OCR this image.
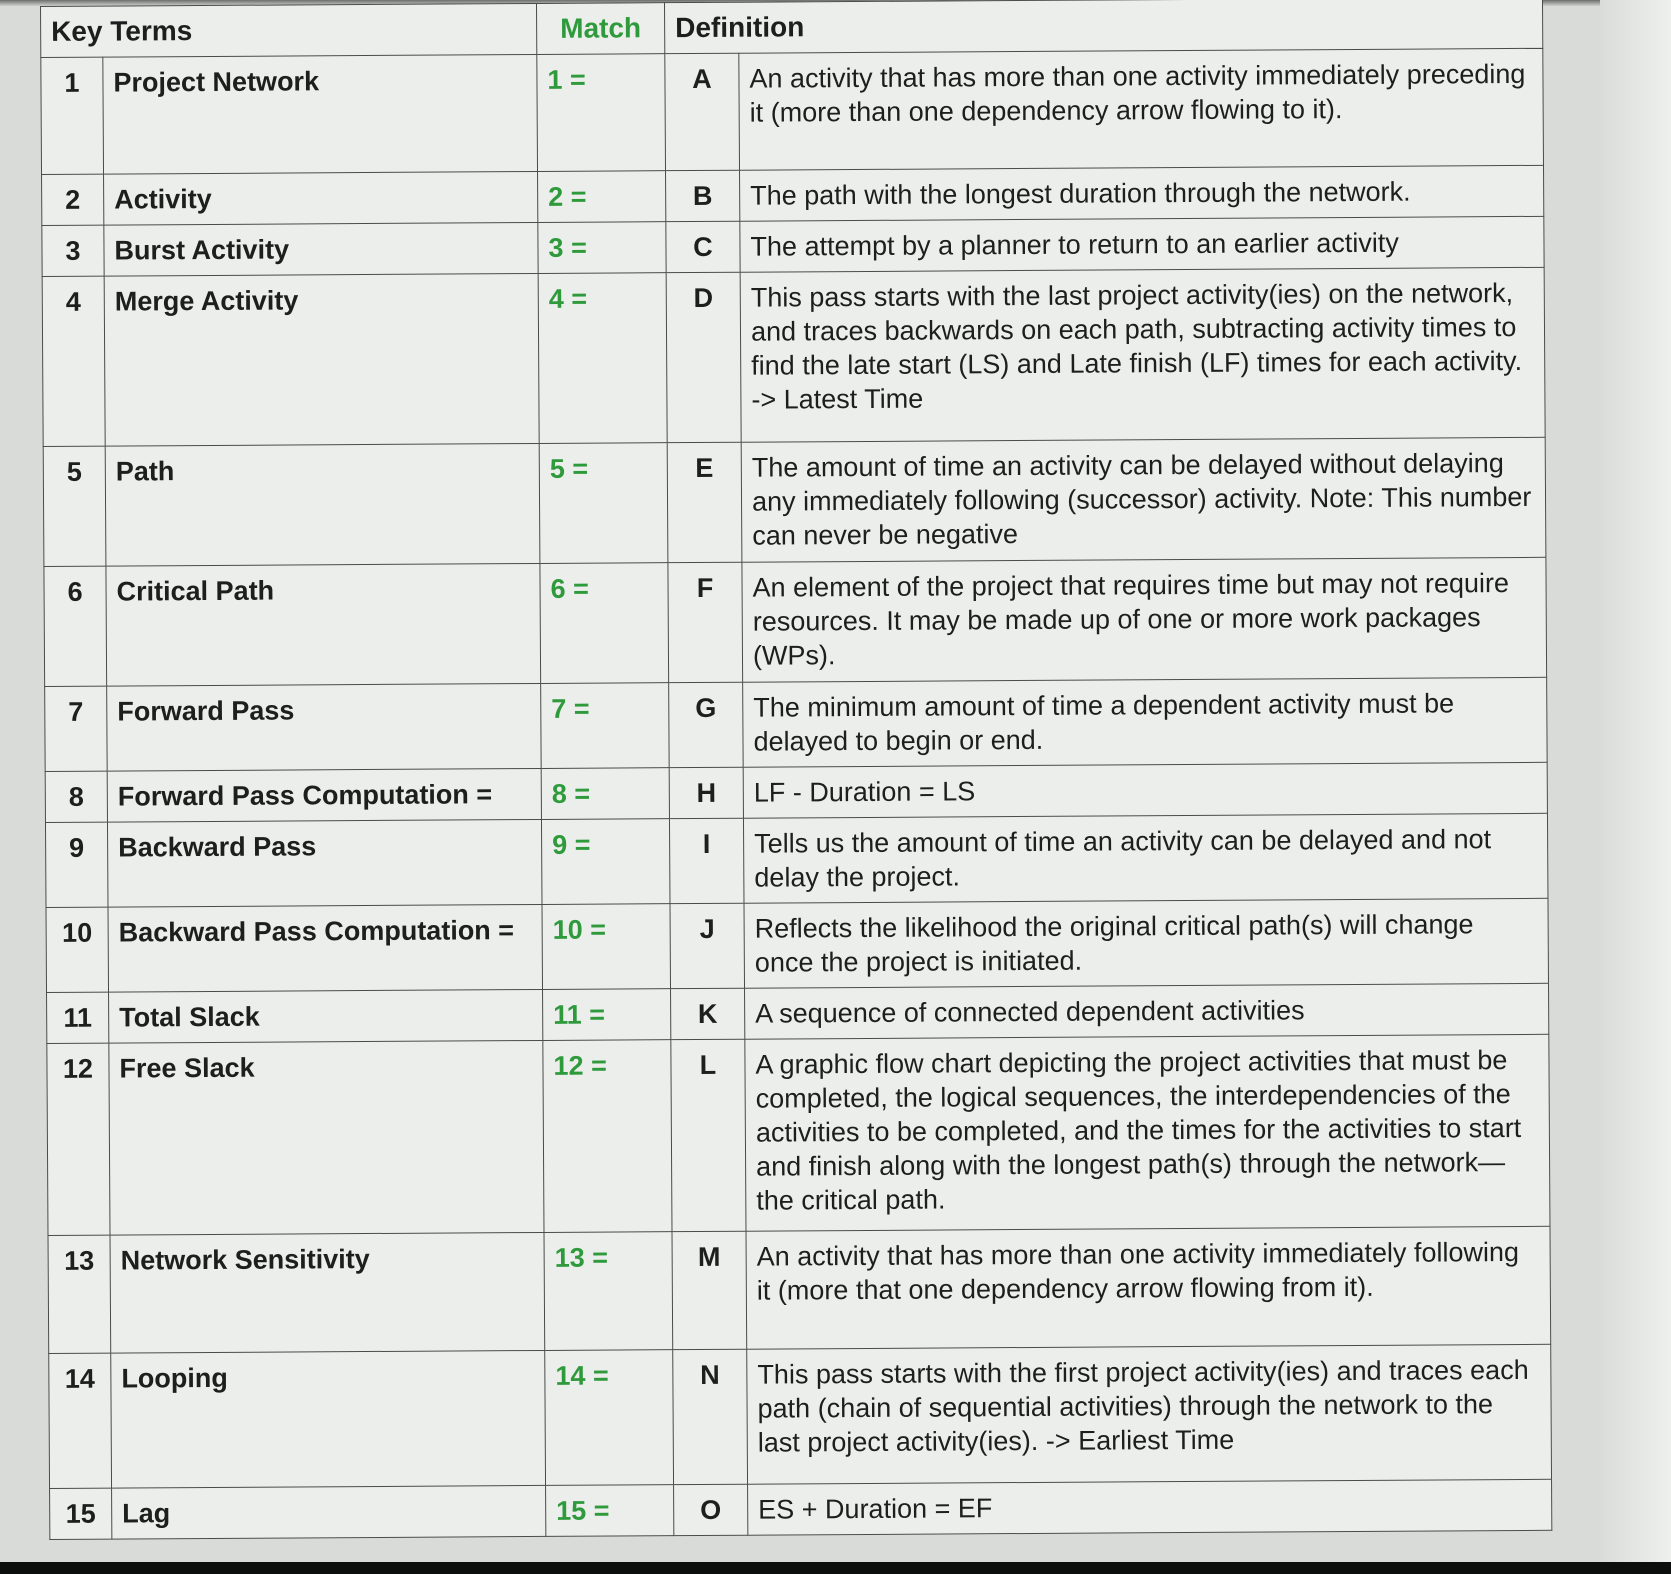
Key Terms		Match	Definition	
1	Project Network	1 =	A	An activity that has more than one activity immediately preceding it (more than one dependency arrow flowing to it).
2	Activity	2 =	B	The path with the longest duration through the network.
3	Burst Activity	3 =	C	The attempt by a planner to return to an earlier activity
4	Merge Activity	4 =	D	This pass starts with the last project activity(ies) on the network, and traces backwards on each path, subtracting activity times to find the late start (LS) and Late finish (LF) times for each activity. -> Latest Time
5	Path	5 =	E	The amount of time an activity can be delayed without delaying any immediately following (successor) activity. Note: This number can never be negative
6	Critical Path	6 =	F	An element of the project that requires time but may not require resources. It may be made up of one or more work packages (WPs).
7	Forward Pass	7 =	G	The minimum amount of time a dependent activity must be delayed to begin or end.
8	Forward Pass Computation =	8 =	H	LF - Duration = LS
9	Backward Pass	9 =	I	Tells us the amount of time an activity can be delayed and not delay the project.
10	Backward Pass Computation =	10 =	J	Reflects the likelihood the original critical path(s) will change once the project is initiated.
11	Total Slack	11 =	K	A sequence of connected dependent activities
12	Free Slack	12 =	L	A graphic flow chart depicting the project activities that must be completed, the logical sequences, the interdependencies of the activities to be completed, and the times for the activities to start and finish along with the longest path(s) through the network—the critical path.
13	Network Sensitivity	13 =	M	An activity that has more than one activity immediately following it (more that one dependency arrow flowing from it).
14	Looping	14 =	N	This pass starts with the first project activity(ies) and traces each path (chain of sequential activities) through the network to the last project activity(ies). -> Earliest Time
15	Lag	15 =	O	ES + Duration = EF
